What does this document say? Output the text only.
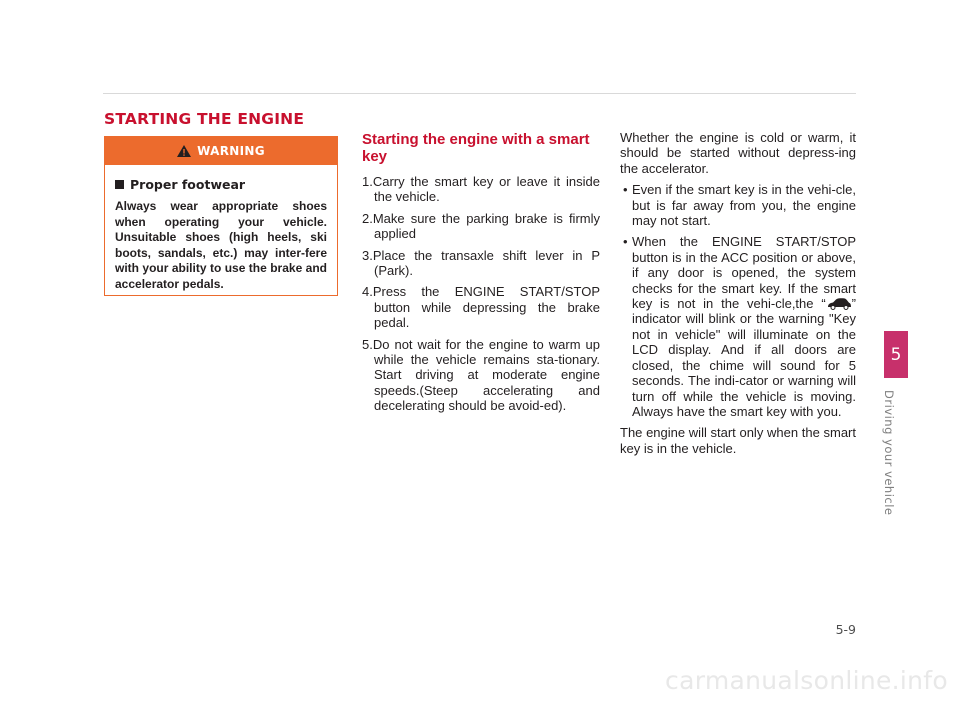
STARTING THE ENGINE
WARNING
Proper footwear

Always wear appropriate shoes when operating your vehicle. Unsuitable shoes (high heels, ski boots, sandals, etc.) may inter-fere with your ability to use the brake and accelerator pedals.

Starting the engine with a smart key

1.Carry the smart key or leave it inside the vehicle.

2.Make sure the parking brake is firmly applied

3.Place the transaxle shift lever in P (Park).

4.Press the ENGINE START/STOP button while depressing the brake pedal.

5.Do not wait for the engine to warm up while the vehicle remains sta-tionary. Start driving at moderate engine speeds.(Steep accelerating and decelerating should be avoid-ed).

Whether the engine is cold or warm, it should be started without depress-ing the accelerator.

• Even if the smart key is in the vehi-cle, but is far away from you, the engine may not start.
• When the ENGINE START/STOP button is in the ACC position or above, if any door is opened, the system checks for the smart key. If the smart key is not in the vehi-cle,the “ ” indicator will blink or the warning "Key not in vehicle" will illuminate on the LCD display. And if all doors are closed, the chime will sound for 5 seconds. The indi-cator or warning will turn off while the vehicle is moving. Always have the smart key with you.

The engine will start only when the smart key is in the vehicle.

5
Driving your vehicle
5-9
carmanualsonline.info
